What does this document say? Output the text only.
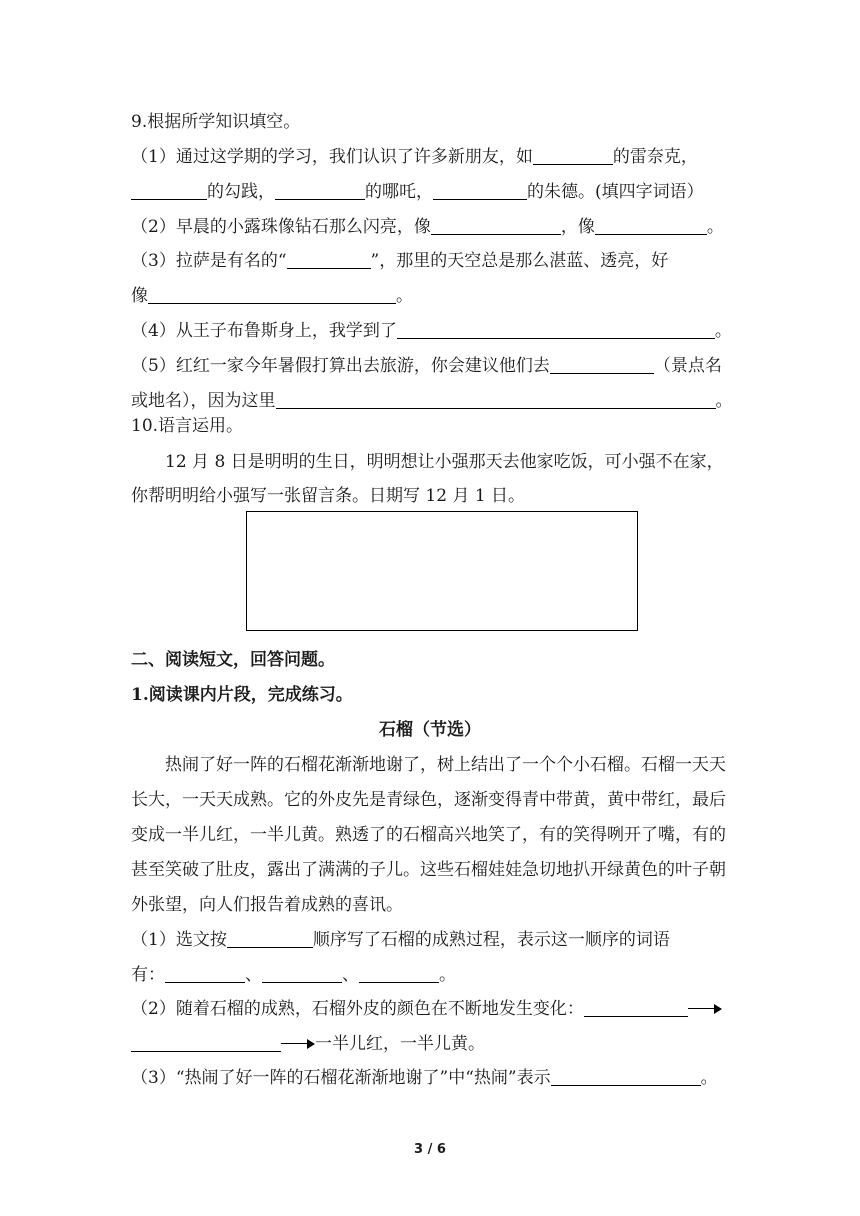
9.根据所学知识填空。
（1）通过这学期的学习，我们认识了许多新朋友，如	的雷奈克，
的勾践，	的哪吒，	的朱德。(填四字词语）
（2）早晨的小露珠像钻石那么闪亮，像	，像	。
（3）拉萨是有名的“	”，那里的天空总是那么湛蓝、透亮，好
像	。
（4）从王子布鲁斯身上，我学到了	。
（5）红红一家今年暑假打算出去旅游，你会建议他们去	（景点名
或地名），因为这里	。
10.语言运用。
12 月 8 日是明明的生日，明明想让小强那天去他家吃饭，可小强不在家，
你帮明明给小强写一张留言条。日期写 12 月 1 日。
二、阅读短文，回答问题。
1.阅读课内片段，完成练习。
石榴（节选）
热闹了好一阵的石榴花渐渐地谢了，树上结出了一个个小石榴。石榴一天天
长大，一天天成熟。它的外皮先是青绿色，逐渐变得青中带黄，黄中带红，最后
变成一半儿红，一半儿黄。熟透了的石榴高兴地笑了，有的笑得咧开了嘴，有的
甚至笑破了肚皮，露出了满满的子儿。这些石榴娃娃急切地扒开绿黄色的叶子朝
外张望，向人们报告着成熟的喜讯。
（1）选文按	顺序写了石榴的成熟过程，表示这一顺序的词语
有：	、	、	。
（2）随着石榴的成熟，石榴外皮的颜色在不断地发生变化：
一半儿红，一半儿黄。
（3）“热闹了好一阵的石榴花渐渐地谢了”中“热闹”表示	。
3 / 6
